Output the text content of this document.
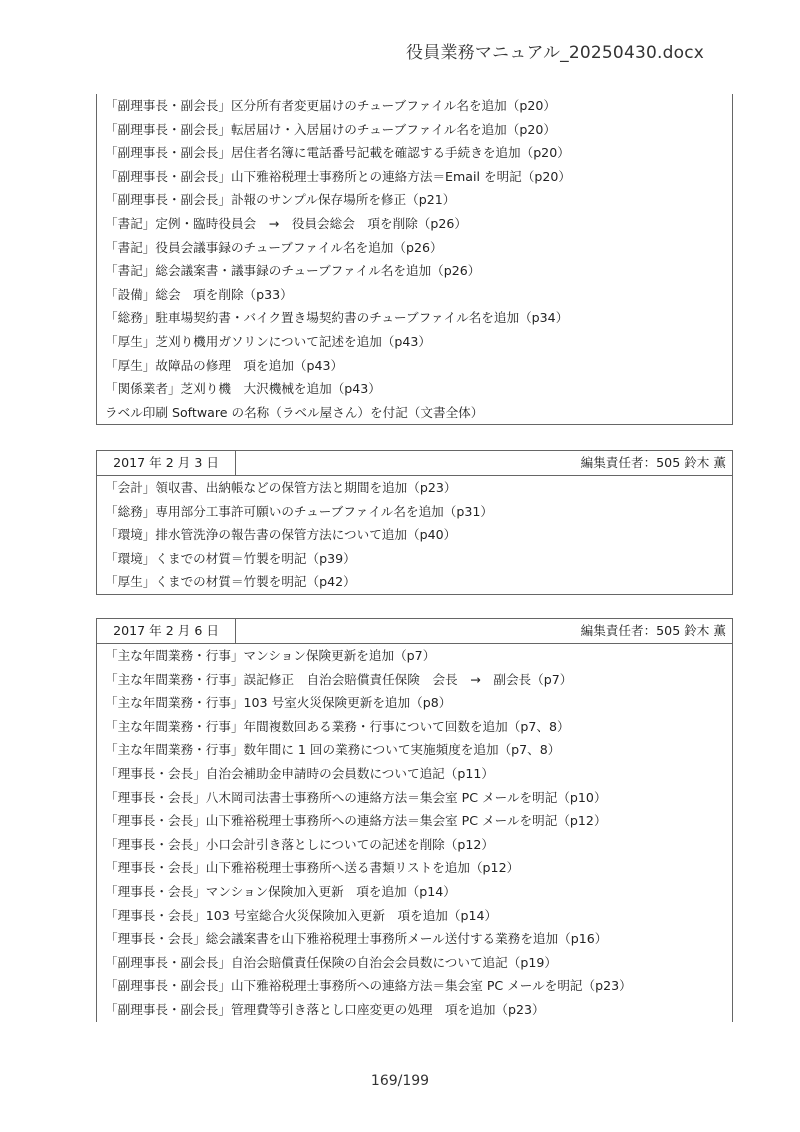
役員業務マニュアル_20250430.docx
「副理事長・副会長」区分所有者変更届けのチューブファイル名を追加（p20）
「副理事長・副会長」転居届け・入居届けのチューブファイル名を追加（p20）
「副理事長・副会長」居住者名簿に電話番号記載を確認する手続きを追加（p20）
「副理事長・副会長」山下雅裕税理士事務所との連絡方法＝Email を明記（p20）
「副理事長・副会長」訃報のサンプル保存場所を修正（p21）
「書記」定例・臨時役員会　→　役員会総会　項を削除（p26）
「書記」役員会議事録のチューブファイル名を追加（p26）
「書記」総会議案書・議事録のチューブファイル名を追加（p26）
「設備」総会　項を削除（p33）
「総務」駐車場契約書・バイク置き場契約書のチューブファイル名を追加（p34）
「厚生」芝刈り機用ガソリンについて記述を追加（p43）
「厚生」故障品の修理　項を追加（p43）
「関係業者」芝刈り機　大沢機械を追加（p43）
ラベル印刷 Software の名称（ラベル屋さん）を付記（文書全体）
2017 年 2 月 3 日	編集責任者：505 鈴木 薫
「会計」領収書、出納帳などの保管方法と期間を追加（p23）
「総務」専用部分工事許可願いのチューブファイル名を追加（p31）
「環境」排水管洗浄の報告書の保管方法について追加（p40）
「環境」くまでの材質＝竹製を明記（p39）
「厚生」くまでの材質＝竹製を明記（p42）
2017 年 2 月 6 日	編集責任者：505 鈴木 薫
「主な年間業務・行事」マンション保険更新を追加（p7）
「主な年間業務・行事」誤記修正　自治会賠償責任保険　会長　→　副会長（p7）
「主な年間業務・行事」103 号室火災保険更新を追加（p8）
「主な年間業務・行事」年間複数回ある業務・行事について回数を追加（p7、8）
「主な年間業務・行事」数年間に 1 回の業務について実施頻度を追加（p7、8）
「理事長・会長」自治会補助金申請時の会員数について追記（p11）
「理事長・会長」八木岡司法書士事務所への連絡方法＝集会室 PC メールを明記（p10）
「理事長・会長」山下雅裕税理士事務所への連絡方法＝集会室 PC メールを明記（p12）
「理事長・会長」小口会計引き落としについての記述を削除（p12）
「理事長・会長」山下雅裕税理士事務所へ送る書類リストを追加（p12）
「理事長・会長」マンション保険加入更新　項を追加（p14）
「理事長・会長」103 号室総合火災保険加入更新　項を追加（p14）
「理事長・会長」総会議案書を山下雅裕税理士事務所メール送付する業務を追加（p16）
「副理事長・副会長」自治会賠償責任保険の自治会会員数について追記（p19）
「副理事長・副会長」山下雅裕税理士事務所への連絡方法＝集会室 PC メールを明記（p23）
「副理事長・副会長」管理費等引き落とし口座変更の処理　項を追加（p23）
169/199
